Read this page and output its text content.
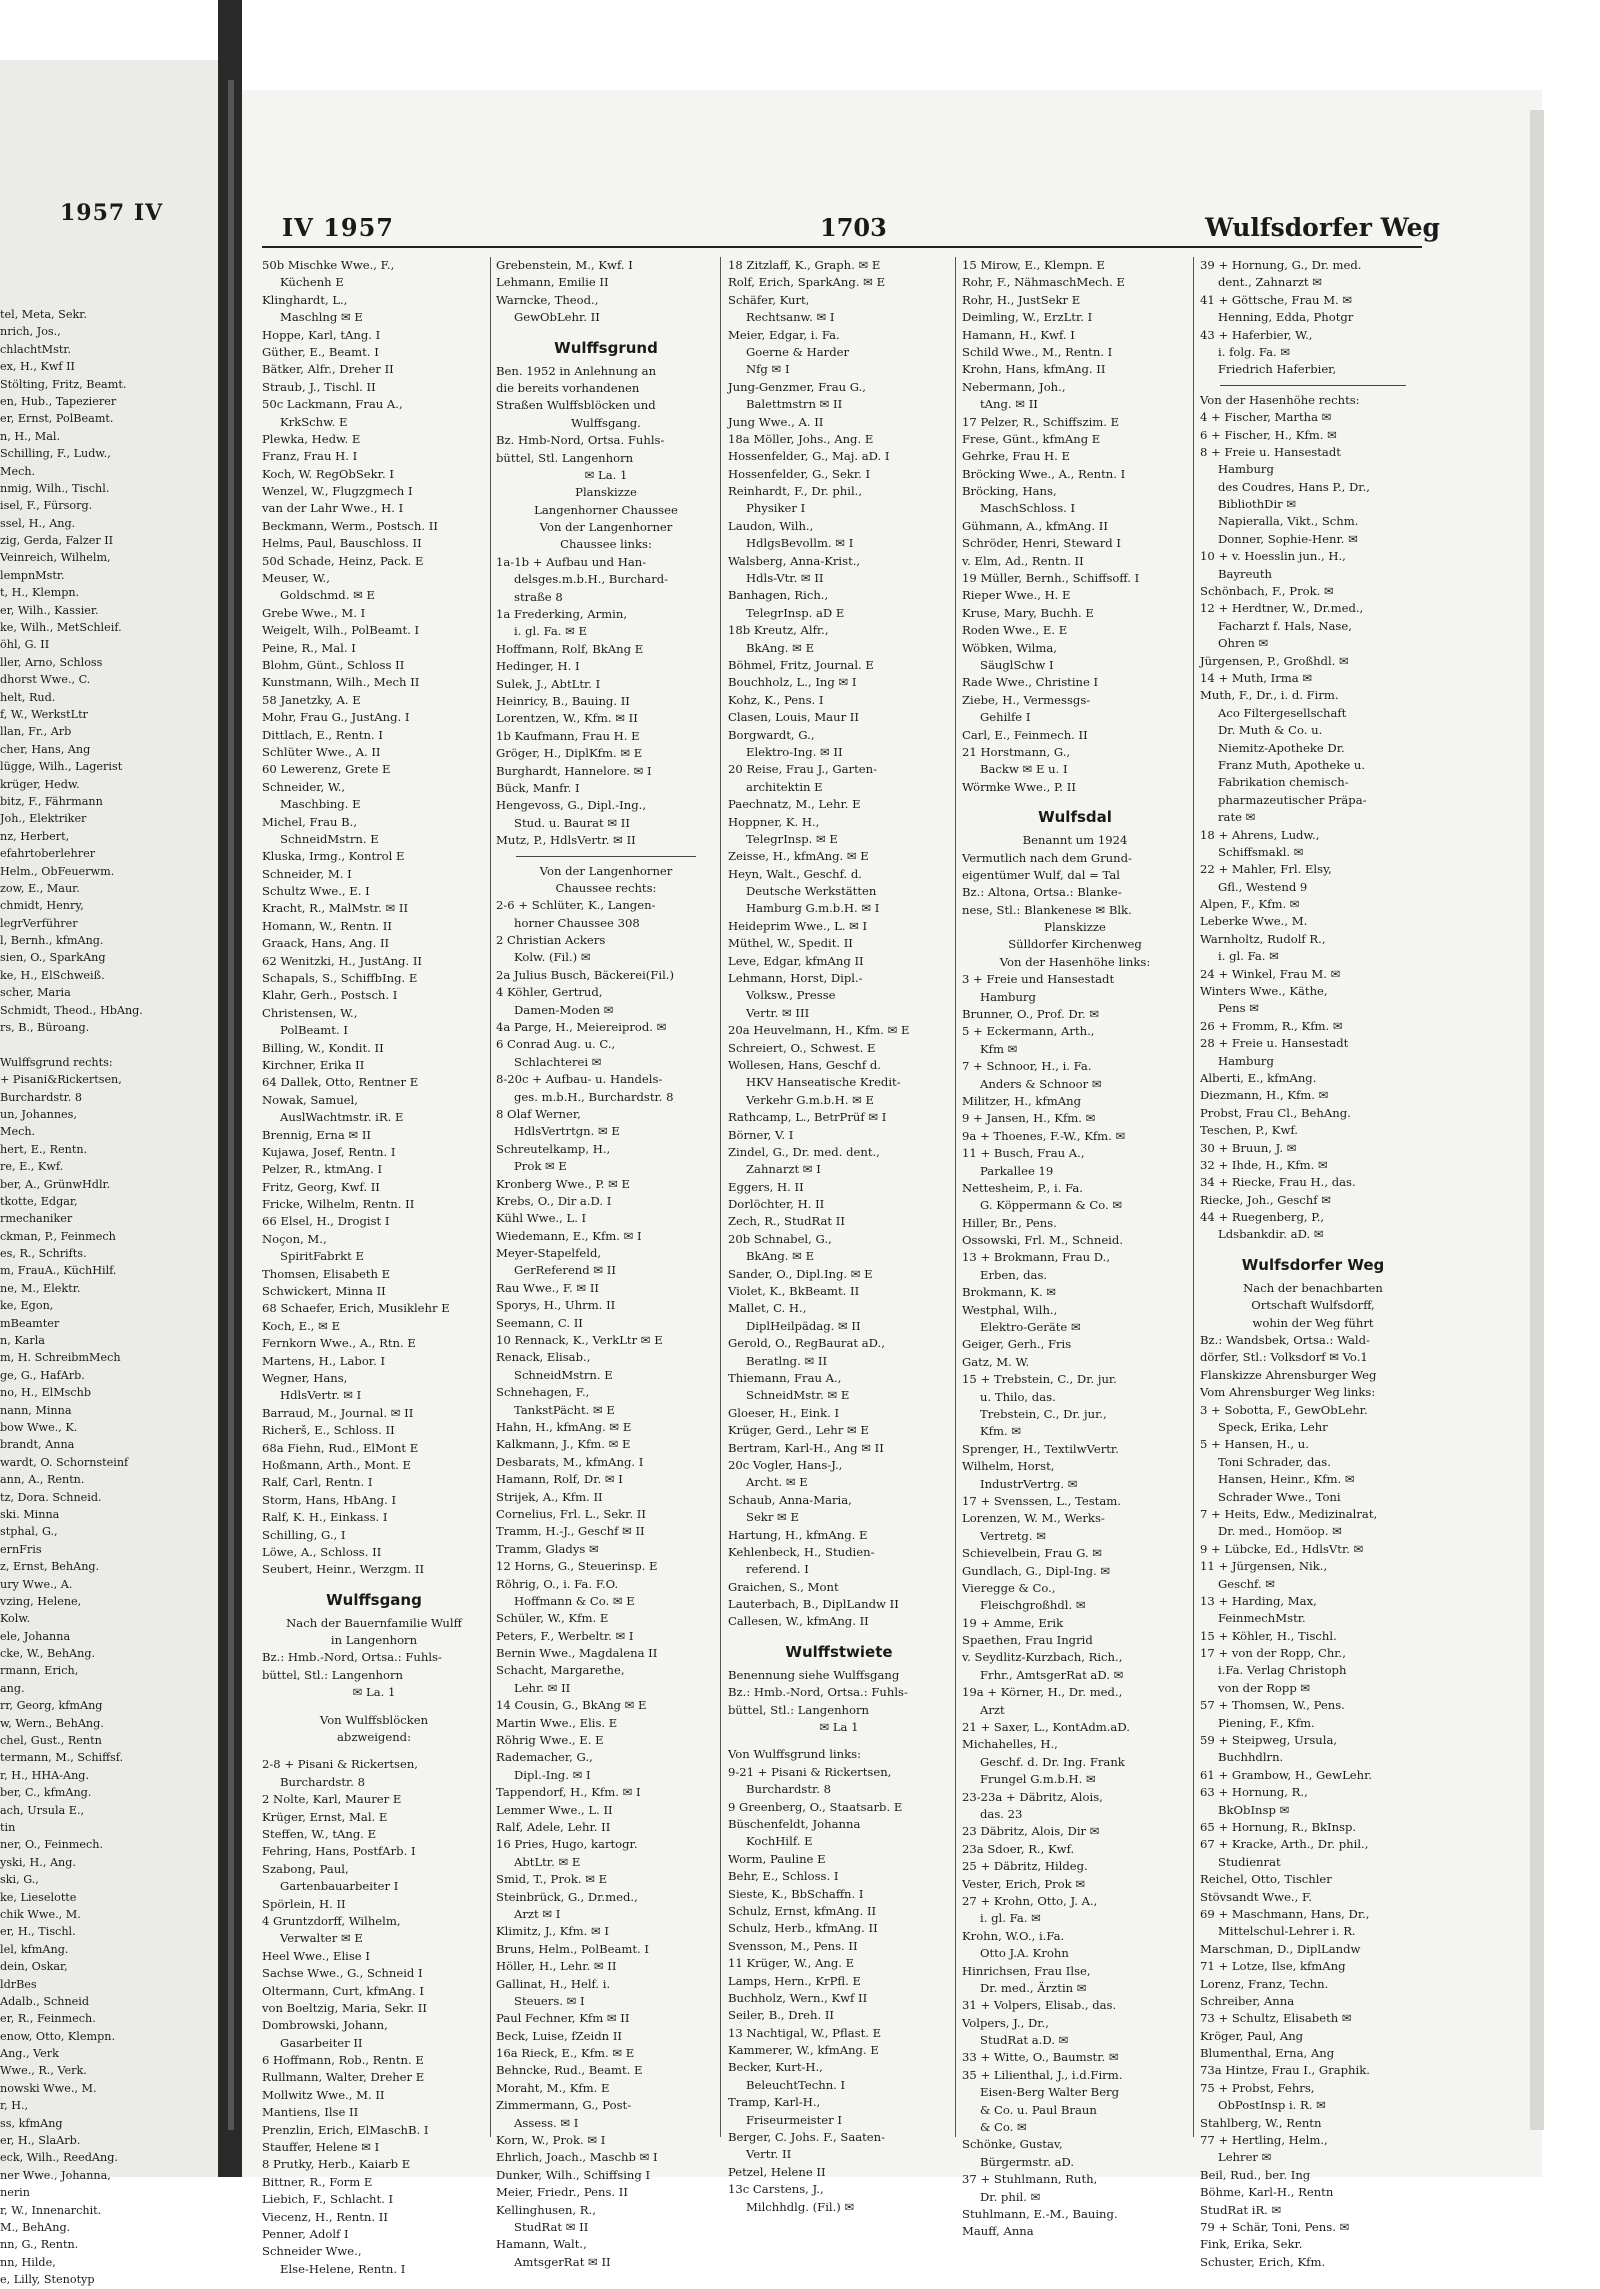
1957 IV
tel, Meta, Sekr.
nrich, Jos.,
chlachtMstr.
ex, H., Kwf II
Stölting, Fritz, Beamt.
en, Hub., Tapezierer
er, Ernst, PolBeamt.
n, H., Mal.
Schilling, F., Ludw.,
Mech.
nmig, Wilh., Tischl.
isel, F., Fürsorg.
ssel, H., Ang.
zig, Gerda, Falzer II
Veinreich, Wilhelm,
lempnMstr.
t, H., Klempn.
er, Wilh., Kassier.
ke, Wilh., MetSchleif.
öhl, G. II
ller, Arno, Schloss
dhorst Wwe., C.
helt, Rud.
f, W., WerkstLtr
llan, Fr., Arb
cher, Hans, Ang
lügge, Wilh., Lagerist
krüger, Hedw.
bitz, F., Fährmann
Joh., Elektriker
nz, Herbert,
efahrtoberlehrer
Helm., ObFeuerwm.
zow, E., Maur.
chmidt, Henry,
legrVerführer
l, Bernh., kfmAng.
sien, O., SparkAng
ke, H., ElSchweiß.
scher, Maria
Schmidt, Theod., HbAng.
rs, B., Büroang.
Wulffsgrund rechts:
+ Pisani&Rickertsen,
Burchardstr. 8
un, Johannes,
Mech.
hert, E., Rentn.
re, E., Kwf.
ber, A., GrünwHdlr.
tkotte, Edgar,
rmechaniker
ckman, P., Feinmech
es, R., Schrifts.
m, FrauA., KüchHilf.
ne, M., Elektr.
ke, Egon,
mBeamter
n, Karla
m, H. SchreibmMech
ge, G., HafArb.
no, H., ElMschb
nann, Minna
bow Wwe., K.
brandt, Anna
wardt, O. Schornsteinf
ann, A., Rentn.
tz, Dora. Schneid.
ski. Minna
stphal, G.,
ernFris
z, Ernst, BehAng.
ury Wwe., A.
vzing, Helene,
Kolw.
ele, Johanna
cke, W., BehAng.
rmann, Erich,
ang.
rr, Georg, kfmAng
w, Wern., BehAng.
chel, Gust., Rentn
termann, M., Schiffsf.
r, H., HHA-Ang.
ber, C., kfmAng.
ach, Ursula E.,
tin
ner, O., Feinmech.
yski, H., Ang.
ski, G.,
ke, Lieselotte
chik Wwe., M.
er, H., Tischl.
lel, kfmAng.
dein, Oskar,
ldrBes
Adalb., Schneid
er, R., Feinmech.
enow, Otto, Klempn.
Ang., Verk
Wwe., R., Verk.
nowski Wwe., M.
r, H.,
ss, kfmAng
er, H., SlaArb.
eck, Wilh., ReedAng.
ner Wwe., Johanna,
nerin
r, W., Innenarchit.
M., BehAng.
nn, G., Rentn.
nn, Hilde,
e, Lilly, Stenotyp
IV 1957	1703	Wulfsdorfer Weg
50b Mischke Wwe., F.,
Küchenh E
Klinghardt, L.,
Maschlng ✉ E
Hoppe, Karl, tAng. I
Güther, E., Beamt. I
Bätker, Alfr., Dreher II
Straub, J., Tischl. II
50c Lackmann, Frau A.,
KrkSchw. E
Plewka, Hedw. E
Franz, Frau H. I
Koch, W. RegObSekr. I
Wenzel, W., Flugzgmech I
van der Lahr Wwe., H. I
Beckmann, Werm., Postsch. II
Helms, Paul, Bauschloss. II
50d Schade, Heinz, Pack. E
Meuser, W.,
Goldschmd. ✉ E
Grebe Wwe., M. I
Weigelt, Wilh., PolBeamt. I
Peine, R., Mal. I
Blohm, Günt., Schloss II
Kunstmann, Wilh., Mech II
58 Janetzky, A. E
Mohr, Frau G., JustAng. I
Dittlach, E., Rentn. I
Schlüter Wwe., A. II
60 Lewerenz, Grete E
Schneider, W.,
Maschbing. E
Michel, Frau B.,
SchneidMstrn. E
Kluska, Irmg., Kontrol E
Schneider, M. I
Schultz Wwe., E. I
Kracht, R., MalMstr. ✉ II
Homann, W., Rentn. II
Graack, Hans, Ang. II
62 Wenitzki, H., JustAng. II
Schapals, S., SchiffbIng. E
Klahr, Gerh., Postsch. I
Christensen, W.,
PolBeamt. I
Billing, W., Kondit. II
Kirchner, Erika II
64 Dallek, Otto, Rentner E
Nowak, Samuel,
AuslWachtmstr. iR. E
Brennig, Erna ✉ II
Kujawa, Josef, Rentn. I
Pelzer, R., ktmAng. I
Fritz, Georg, Kwf. II
Fricke, Wilhelm, Rentn. II
66 Elsel, H., Drogist I
Noçon, M.,
SpiritFabrkt E
Thomsen, Elisabeth E
Schwickert, Minna II
68 Schaefer, Erich, Musiklehr E
Koch, E., ✉ E
Fernkorn Wwe., A., Rtn. E
Martens, H., Labor. I
Wegner, Hans,
HdlsVertr. ✉ I
Barraud, M., Journal. ✉ II
Richerš, E., Schloss. II
68a Fiehn, Rud., ElMont E
Hoßmann, Arth., Mont. E
Ralf, Carl, Rentn. I
Storm, Hans, HbAng. I
Ralf, K. H., Einkass. I
Schilling, G., I
Löwe, A., Schloss. II
Seubert, Heinr., Werzgm. II
Wulffsgang
Nach der Bauernfamilie Wulff
in Langenhorn
Bz.: Hmb.-Nord, Ortsa.: Fuhls-
büttel, Stl.: Langenhorn
✉ La. 1
Von Wulffsblöcken
abzweigend:
2-8 + Pisani & Rickertsen,
Burchardstr. 8
2 Nolte, Karl, Maurer E
Krüger, Ernst, Mal. E
Steffen, W., tAng. E
Fehring, Hans, PostfArb. I
Szabong, Paul,
Gartenbauarbeiter I
Spörlein, H. II
4 Gruntzdorff, Wilhelm,
Verwalter ✉ E
Heel Wwe., Elise I
Sachse Wwe., G., Schneid I
Oltermann, Curt, kfmAng. I
von Boeltzig, Maria, Sekr. II
Dombrowski, Johann,
Gasarbeiter II
6 Hoffmann, Rob., Rentn. E
Rullmann, Walter, Dreher E
Mollwitz Wwe., M. II
Mantiens, Ilse II
Prenzlin, Erich, ElMaschB. I
Stauffer, Helene ✉ I
8 Prutky, Herb., Kaiarb E
Bittner, R., Form E
Liebich, F., Schlacht. I
Viecenz, H., Rentn. II
Penner, Adolf I
Schneider Wwe.,
Else-Helene, Rentn. I
Grebenstein, M., Kwf. I
Lehmann, Emilie II
Warncke, Theod.,
GewObLehr. II
Wulffsgrund
Ben. 1952 in Anlehnung an
die bereits vorhandenen
Straßen Wulffsblöcken und
Wulffsgang.
Bz. Hmb-Nord, Ortsa. Fuhls-
büttel, Stl. Langenhorn
✉ La. 1
Planskizze
Langenhorner Chaussee
Von der Langenhorner
Chaussee links:
1a-1b + Aufbau und Han-
delsges.m.b.H., Burchard-
straße 8
1a Frederking, Armin,
i. gl. Fa. ✉ E
Hoffmann, Rolf, BkAng E
Hedinger, H. I
Sulek, J., AbtLtr. I
Heinricy, B., Bauing. II
Lorentzen, W., Kfm. ✉ II
1b Kaufmann, Frau H. E
Gröger, H., DiplKfm. ✉ E
Burghardt, Hannelore. ✉ I
Bück, Manfr. I
Hengevoss, G., Dipl.-Ing.,
Stud. u. Baurat ✉ II
Mutz, P., HdlsVertr. ✉ II
Von der Langenhorner
Chaussee rechts:
2-6 + Schlüter, K., Langen-
horner Chaussee 308
2 Christian Ackers
Kolw. (Fil.) ✉
2a Julius Busch, Bäckerei(Fil.)
4 Köhler, Gertrud,
Damen-Moden ✉
4a Parge, H., Meiereiprod. ✉
6 Conrad Aug. u. C.,
Schlachterei ✉
8-20c + Aufbau- u. Handels-
ges. m.b.H., Burchardstr. 8
8 Olaf Werner,
HdlsVertrtgn. ✉ E
Schreutelkamp, H.,
Prok ✉ E
Kronberg Wwe., P. ✉ E
Krebs, O., Dir a.D. I
Kühl Wwe., L. I
Wiedemann, E., Kfm. ✉ I
Meyer-Stapelfeld,
GerReferend ✉ II
Rau Wwe., F. ✉ II
Sporys, H., Uhrm. II
Seemann, C. II
10 Rennack, K., VerkLtr ✉ E
Renack, Elisab.,
SchneidMstrn. E
Schnehagen, F.,
TankstPächt. ✉ E
Hahn, H., kfmAng. ✉ E
Kalkmann, J., Kfm. ✉ E
Desbarats, M., kfmAng. I
Hamann, Rolf, Dr. ✉ I
Strijek, A., Kfm. II
Cornelius, Frl. L., Sekr. II
Tramm, H.-J., Geschf ✉ II
Tramm, Gladys ✉
12 Horns, G., Steuerinsp. E
Röhrig, O., i. Fa. F.O.
Hoffmann & Co. ✉ E
Schüler, W., Kfm. E
Peters, F., Werbeltr. ✉ I
Bernin Wwe., Magdalena II
Schacht, Margarethe,
Lehr. ✉ II
14 Cousin, G., BkAng ✉ E
Martin Wwe., Elis. E
Röhrig Wwe., E. E
Rademacher, G.,
Dipl.-Ing. ✉ I
Tappendorf, H., Kfm. ✉ I
Lemmer Wwe., L. II
Ralf, Adele, Lehr. II
16 Pries, Hugo, kartogr.
AbtLtr. ✉ E
Smid, T., Prok. ✉ E
Steinbrück, G., Dr.med.,
Arzt ✉ I
Klimitz, J., Kfm. ✉ I
Bruns, Helm., PolBeamt. I
Höller, H., Lehr. ✉ II
Gallinat, H., Helf. i.
Steuers. ✉ I
Paul Fechner, Kfm ✉ II
Beck, Luise, fZeidn II
16a Rieck, E., Kfm. ✉ E
Behncke, Rud., Beamt. E
Moraht, M., Kfm. E
Zimmermann, G., Post-
Assess. ✉ I
Korn, W., Prok. ✉ I
Ehrlich, Joach., Maschb ✉ I
Dunker, Wilh., Schiffsing I
Meier, Friedr., Pens. II
Kellinghusen, R.,
StudRat ✉ II
Hamann, Walt.,
AmtsgerRat ✉ II
18 Zitzlaff, K., Graph. ✉ E
Rolf, Erich, SparkAng. ✉ E
Schäfer, Kurt,
Rechtsanw. ✉ I
Meier, Edgar, i. Fa.
Goerne & Harder
Nfg ✉ I
Jung-Genzmer, Frau G.,
Balettmstrn ✉ II
Jung Wwe., A. II
18a Möller, Johs., Ang. E
Hossenfelder, G., Maj. aD. I
Hossenfelder, G., Sekr. I
Reinhardt, F., Dr. phil.,
Physiker I
Laudon, Wilh.,
HdlgsBevollm. ✉ I
Walsberg, Anna-Krist.,
Hdls-Vtr. ✉ II
Banhagen, Rich.,
TelegrInsp. aD E
18b Kreutz, Alfr.,
BkAng. ✉ E
Böhmel, Fritz, Journal. E
Bouchholz, L., Ing ✉ I
Kohz, K., Pens. I
Clasen, Louis, Maur II
Borgwardt, G.,
Elektro-Ing. ✉ II
20 Reise, Frau J., Garten-
architektin E
Paechnatz, M., Lehr. E
Hoppner, K. H.,
TelegrInsp. ✉ E
Zeisse, H., kfmAng. ✉ E
Heyn, Walt., Geschf. d.
Deutsche Werkstätten
Hamburg G.m.b.H. ✉ I
Heideprim Wwe., L. ✉ I
Müthel, W., Spedit. II
Leve, Edgar, kfmAng II
Lehmann, Horst, Dipl.-
Volksw., Presse
Vertr. ✉ III
20a Heuvelmann, H., Kfm. ✉ E
Schreiert, O., Schwest. E
Wollesen, Hans, Geschf d.
HKV Hanseatische Kredit-
Verkehr G.m.b.H. ✉ E
Rathcamp, L., BetrPrüf ✉ I
Börner, V. I
Zindel, G., Dr. med. dent.,
Zahnarzt ✉ I
Eggers, H. II
Dorlöchter, H. II
Zech, R., StudRat II
20b Schnabel, G.,
BkAng. ✉ E
Sander, O., Dipl.Ing. ✉ E
Violet, K., BkBeamt. II
Mallet, C. H.,
DiplHeilpädag. ✉ II
Gerold, O., RegBaurat aD.,
Beratlng. ✉ II
Thiemann, Frau A.,
SchneidMstr. ✉ E
Gloeser, H., Eink. I
Krüger, Gerd., Lehr ✉ E
Bertram, Karl-H., Ang ✉ II
20c Vogler, Hans-J.,
Archt. ✉ E
Schaub, Anna-Maria,
Sekr ✉ E
Hartung, H., kfmAng. E
Kehlenbeck, H., Studien-
referend. I
Graichen, S., Mont
Lauterbach, B., DiplLandw II
Callesen, W., kfmAng. II
Wulffstwiete
Benennung siehe Wulffsgang
Bz.: Hmb.-Nord, Ortsa.: Fuhls-
büttel, Stl.: Langenhorn
✉ La 1
Von Wulffsgrund links:
9-21 + Pisani & Rickertsen,
Burchardstr. 8
9 Greenberg, O., Staatsarb. E
Büschenfeldt, Johanna
KochHilf. E
Worm, Pauline E
Behr, E., Schloss. I
Sieste, K., BbSchaffn. I
Schulz, Ernst, kfmAng. II
Schulz, Herb., kfmAng. II
Svensson, M., Pens. II
11 Krüger, W., Ang. E
Lamps, Hern., KrPfl. E
Buchholz, Wern., Kwf II
Seiler, B., Dreh. II
13 Nachtigal, W., Pflast. E
Kammerer, W., kfmAng. E
Becker, Kurt-H.,
BeleuchtTechn. I
Tramp, Karl-H.,
Friseurmeister I
Berger, C. Johs. F., Saaten-
Vertr. II
Petzel, Helene II
13c Carstens, J.,
Milchhdlg. (Fil.) ✉
15 Mirow, E., Klempn. E
Rohr, F., NähmaschMech. E
Rohr, H., JustSekr E
Deimling, W., ErzLtr. I
Hamann, H., Kwf. I
Schild Wwe., M., Rentn. I
Krohn, Hans, kfmAng. II
Nebermann, Joh.,
tAng. ✉ II
17 Pelzer, R., Schiffszim. E
Frese, Günt., kfmAng E
Gehrke, Frau H. E
Bröcking Wwe., A., Rentn. I
Bröcking, Hans,
MaschSchloss. I
Gühmann, A., kfmAng. II
Schröder, Henri, Steward I
v. Elm, Ad., Rentn. II
19 Müller, Bernh., Schiffsoff. I
Rieper Wwe., H. E
Kruse, Mary, Buchh. E
Roden Wwe., E. E
Wöbken, Wilma,
SäuglSchw I
Rade Wwe., Christine I
Ziebe, H., Vermessgs-
Gehilfe I
Carl, E., Feinmech. II
21 Horstmann, G.,
Backw ✉ E u. I
Wörmke Wwe., P. II
Wulfsdal
Benannt um 1924
Vermutlich nach dem Grund-
eigentümer Wulf, dal = Tal
Bz.: Altona, Ortsa.: Blanke-
nese, Stl.: Blankenese ✉ Blk.
Planskizze
Sülldorfer Kirchenweg
Von der Hasenhöhe links:
3 + Freie und Hansestadt
Hamburg
Brunner, O., Prof. Dr. ✉
5 + Eckermann, Arth.,
Kfm ✉
7 + Schnoor, H., i. Fa.
Anders & Schnoor ✉
Militzer, H., kfmAng
9 + Jansen, H., Kfm. ✉
9a + Thoenes, F.-W., Kfm. ✉
11 + Busch, Frau A.,
Parkallee 19
Nettesheim, P., i. Fa.
G. Köppermann & Co. ✉
Hiller, Br., Pens.
Ossowski, Frl. M., Schneid.
13 + Brokmann, Frau D.,
Erben, das.
Brokmann, K. ✉
Westphal, Wilh.,
Elektro-Geräte ✉
Geiger, Gerh., Fris
Gatz, M. W.
15 + Trebstein, C., Dr. jur.
u. Thilo, das.
Trebstein, C., Dr. jur.,
Kfm. ✉
Sprenger, H., TextilwVertr.
Wilhelm, Horst,
IndustrVertrg. ✉
17 + Svenssen, L., Testam.
Lorenzen, W. M., Werks-
Vertretg. ✉
Schievelbein, Frau G. ✉
Gundlach, G., Dipl-Ing. ✉
Vieregge & Co.,
Fleischgroßhdl. ✉
19 + Amme, Erik
Spaethen, Frau Ingrid
v. Seydlitz-Kurzbach, Rich.,
Frhr., AmtsgerRat aD. ✉
19a + Körner, H., Dr. med.,
Arzt
21 + Saxer, L., KontAdm.aD.
Michahelles, H.,
Geschf. d. Dr. Ing. Frank
Frungel G.m.b.H. ✉
23-23a + Däbritz, Alois,
das. 23
23 Däbritz, Alois, Dir ✉
23a Sdoer, R., Kwf.
25 + Däbritz, Hildeg.
Vester, Erich, Prok ✉
27 + Krohn, Otto, J. A.,
i. gl. Fa. ✉
Krohn, W.O., i.Fa.
Otto J.A. Krohn
Hinrichsen, Frau Ilse,
Dr. med., Ärztin ✉
31 + Volpers, Elisab., das.
Volpers, J., Dr.,
StudRat a.D. ✉
33 + Witte, O., Baumstr. ✉
35 + Lilienthal, J., i.d.Firm.
Eisen-Berg Walter Berg
& Co. u. Paul Braun
& Co. ✉
Schönke, Gustav,
Bürgermstr. aD.
37 + Stuhlmann, Ruth,
Dr. phil. ✉
Stuhlmann, E.-M., Bauing.
Mauff, Anna
39 + Hornung, G., Dr. med.
dent., Zahnarzt ✉
41 + Göttsche, Frau M. ✉
Henning, Edda, Photgr
43 + Haferbier, W.,
i. folg. Fa. ✉
Friedrich Haferbier,
Von der Hasenhöhe rechts:
4 + Fischer, Martha ✉
6 + Fischer, H., Kfm. ✉
8 + Freie u. Hansestadt
Hamburg
des Coudres, Hans P., Dr.,
BibliothDir ✉
Napieralla, Vikt., Schm.
Donner, Sophie-Henr. ✉
10 + v. Hoesslin jun., H.,
Bayreuth
Schönbach, F., Prok. ✉
12 + Herdtner, W., Dr.med.,
Facharzt f. Hals, Nase,
Ohren ✉
Jürgensen, P., Großhdl. ✉
14 + Muth, Irma ✉
Muth, F., Dr., i. d. Firm.
Aco Filtergesellschaft
Dr. Muth & Co. u.
Niemitz-Apotheke Dr.
Franz Muth, Apotheke u.
Fabrikation chemisch-
pharmazeutischer Präpa-
rate ✉
18 + Ahrens, Ludw.,
Schiffsmakl. ✉
22 + Mahler, Frl. Elsy,
Gfl., Westend 9
Alpen, F., Kfm. ✉
Leberke Wwe., M.
Warnholtz, Rudolf R.,
i. gl. Fa. ✉
24 + Winkel, Frau M. ✉
Winters Wwe., Käthe,
Pens ✉
26 + Fromm, R., Kfm. ✉
28 + Freie u. Hansestadt
Hamburg
Alberti, E., kfmAng.
Diezmann, H., Kfm. ✉
Probst, Frau Cl., BehAng.
Teschen, P., Kwf.
30 + Bruun, J. ✉
32 + Ihde, H., Kfm. ✉
34 + Riecke, Frau H., das.
Riecke, Joh., Geschf ✉
44 + Ruegenberg, P.,
Ldsbankdir. aD. ✉
Wulfsdorfer Weg
Nach der benachbarten
Ortschaft Wulfsdorff,
wohin der Weg führt
Bz.: Wandsbek, Ortsa.: Wald-
dörfer, Stl.: Volksdorf ✉ Vo.1
Flanskizze Ahrensburger Weg
Vom Ahrensburger Weg links:
3 + Sobotta, F., GewObLehr.
Speck, Erika, Lehr
5 + Hansen, H., u.
Toni Schrader, das.
Hansen, Heinr., Kfm. ✉
Schrader Wwe., Toni
7 + Heits, Edw., Medizinalrat,
Dr. med., Homöop. ✉
9 + Lübcke, Ed., HdlsVtr. ✉
11 + Jürgensen, Nik.,
Geschf. ✉
13 + Harding, Max,
FeinmechMstr.
15 + Köhler, H., Tischl.
17 + von der Ropp, Chr.,
i.Fa. Verlag Christoph
von der Ropp ✉
57 + Thomsen, W., Pens.
Piening, F., Kfm.
59 + Steipweg, Ursula,
Buchhdlrn.
61 + Grambow, H., GewLehr.
63 + Hornung, R.,
BkObInsp ✉
65 + Hornung, R., BkInsp.
67 + Kracke, Arth., Dr. phil.,
Studienrat
Reichel, Otto, Tischler
Stövsandt Wwe., F.
69 + Maschmann, Hans, Dr.,
Mittelschul-Lehrer i. R.
Marschman, D., DiplLandw
71 + Lotze, Ilse, kfmAng
Lorenz, Franz, Techn.
Schreiber, Anna
73 + Schultz, Elisabeth ✉
Kröger, Paul, Ang
Blumenthal, Erna, Ang
73a Hintze, Frau I., Graphik.
75 + Probst, Fehrs,
ObPostInsp i. R. ✉
Stahlberg, W., Rentn
77 + Hertling, Helm.,
Lehrer ✉
Beil, Rud., ber. Ing
Böhme, Karl-H., Rentn
StudRat iR. ✉
79 + Schär, Toni, Pens. ✉
Fink, Erika, Sekr.
Schuster, Erich, Kfm.
